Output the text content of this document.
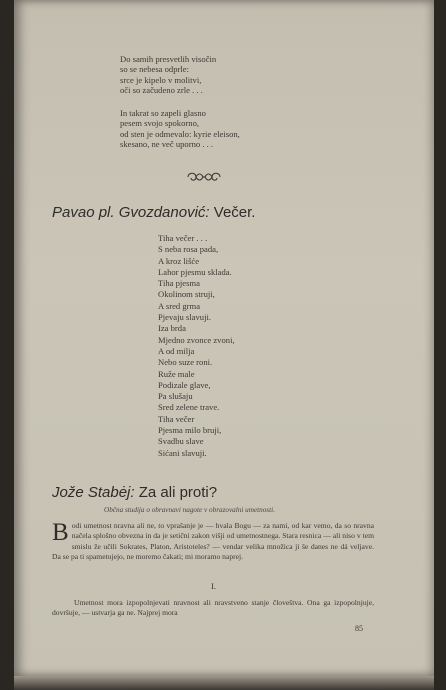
Do samih presvetlih visočin
so se nebesa odprle:
srce je kipelo v molitvi,
oči so začudeno zrle . . .
In takrat so zapeli glasno
pesem svojo spokorno,
od sten je odmevalo: kyrie eleison,
skesano, ne več uporno . . .
Pavao pl. Gvozdanović: Večer.
Tiha večer . . .
S neba rosa pada,
A kroz lišće
Lahor pjesmu sklada.
Tiha pjesma
Okolinom struji,
A sred grma
Pjevaju slavuji.
Iza brda
Mjedno zvonce zvoni,
A od milja
Nebo suze roni.
Ruže male
Podizale glave,
Pa slušaju
Sred zelene trave.
Tiha večer
Pjesma milo bruji,
Svadbu slave
Sićani slavuji.
Jože Stabėj: Za ali proti?
Občna studija o obravnavi nagote v obrazovalni umetnosti.
Bodi umetnost nravna ali ne, to vprašanje je — hvala Bogu — za nami, od kar vemo, da so nravna načela splošno obvezna in da je setični zakon višji od umetnostnega. Stara resnica — ali niso v tem smislu že učili Sokrates, Platon, Aristoteles? — vendar velika množica ji še danes ne dá veljave. Da se pa ti spametujejo, ne moremo čakati; mi moramo naprej.
I.
Umetnost mora izpopolnjevati nravnost ali nravstveno stanje človeštva. Ona ga izpopolnjuje, dovršuje, — ustvarja ga ne. Najprej mora
85
